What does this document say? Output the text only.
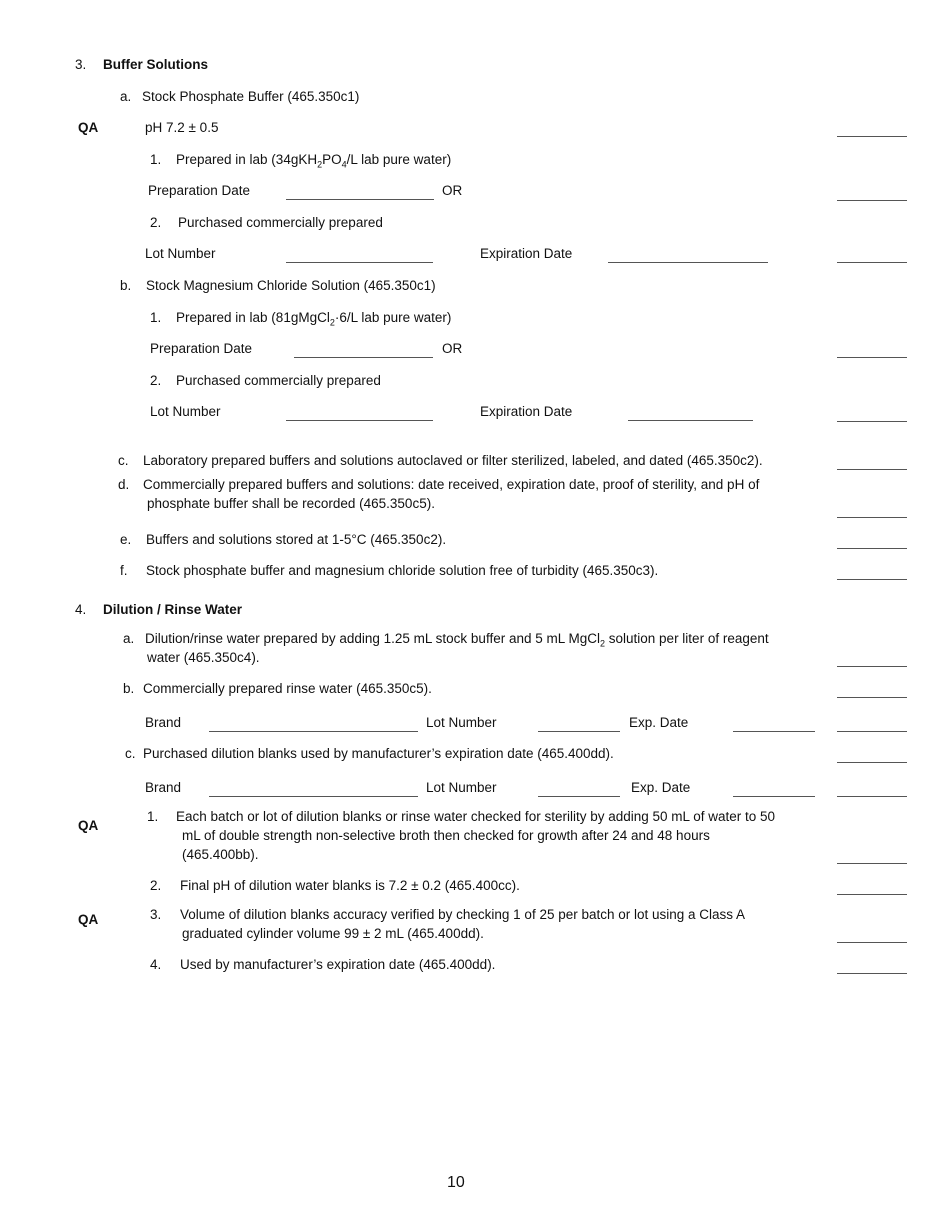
3. Buffer Solutions
a. Stock Phosphate Buffer (465.350c1)
QA	pH 7.2 ± 0.5
1. Prepared in lab ($34gKH_2PO_4/L$ lab pure water)
Preparation Date	OR
2. Purchased commercially prepared
Lot Number	Expiration Date
b. Stock Magnesium Chloride Solution (465.350c1)
1. Prepared in lab (81gMgCl$_2$·6/L lab pure water)
Preparation Date	OR
2. Purchased commercially prepared
Lot Number	Expiration Date
c. Laboratory prepared buffers and solutions autoclaved or filter sterilized, labeled, and dated (465.350c2).
d. Commercially prepared buffers and solutions: date received, expiration date, proof of sterility, and pH of
phosphate buffer shall be recorded (465.350c5).
e. Buffers and solutions stored at 1-5°C (465.350c2).
f. Stock phosphate buffer and magnesium chloride solution free of turbidity (465.350c3).
4. Dilution / Rinse Water
a. Dilution/rinse water prepared by adding 1.25 mL stock buffer and 5 mL MgCl$_2$ solution per liter of reagent
water (465.350c4).
b. Commercially prepared rinse water (465.350c5).
Brand	Lot Number	Exp. Date
c. Purchased dilution blanks used by manufacturer’s expiration date (465.400dd).
Brand	Lot Number	Exp. Date
QA
1. Each batch or lot of dilution blanks or rinse water checked for sterility by adding 50 mL of water to 50
mL of double strength non-selective broth then checked for growth after 24 and 48 hours
(465.400bb).
2. Final pH of dilution water blanks is 7.2 ± 0.2 (465.400cc).
QA	3. Volume of dilution blanks accuracy verified by checking 1 of 25 per batch or lot using a Class A
graduated cylinder volume 99 ± 2 mL (465.400dd).
4. Used by manufacturer’s expiration date (465.400dd).
10
